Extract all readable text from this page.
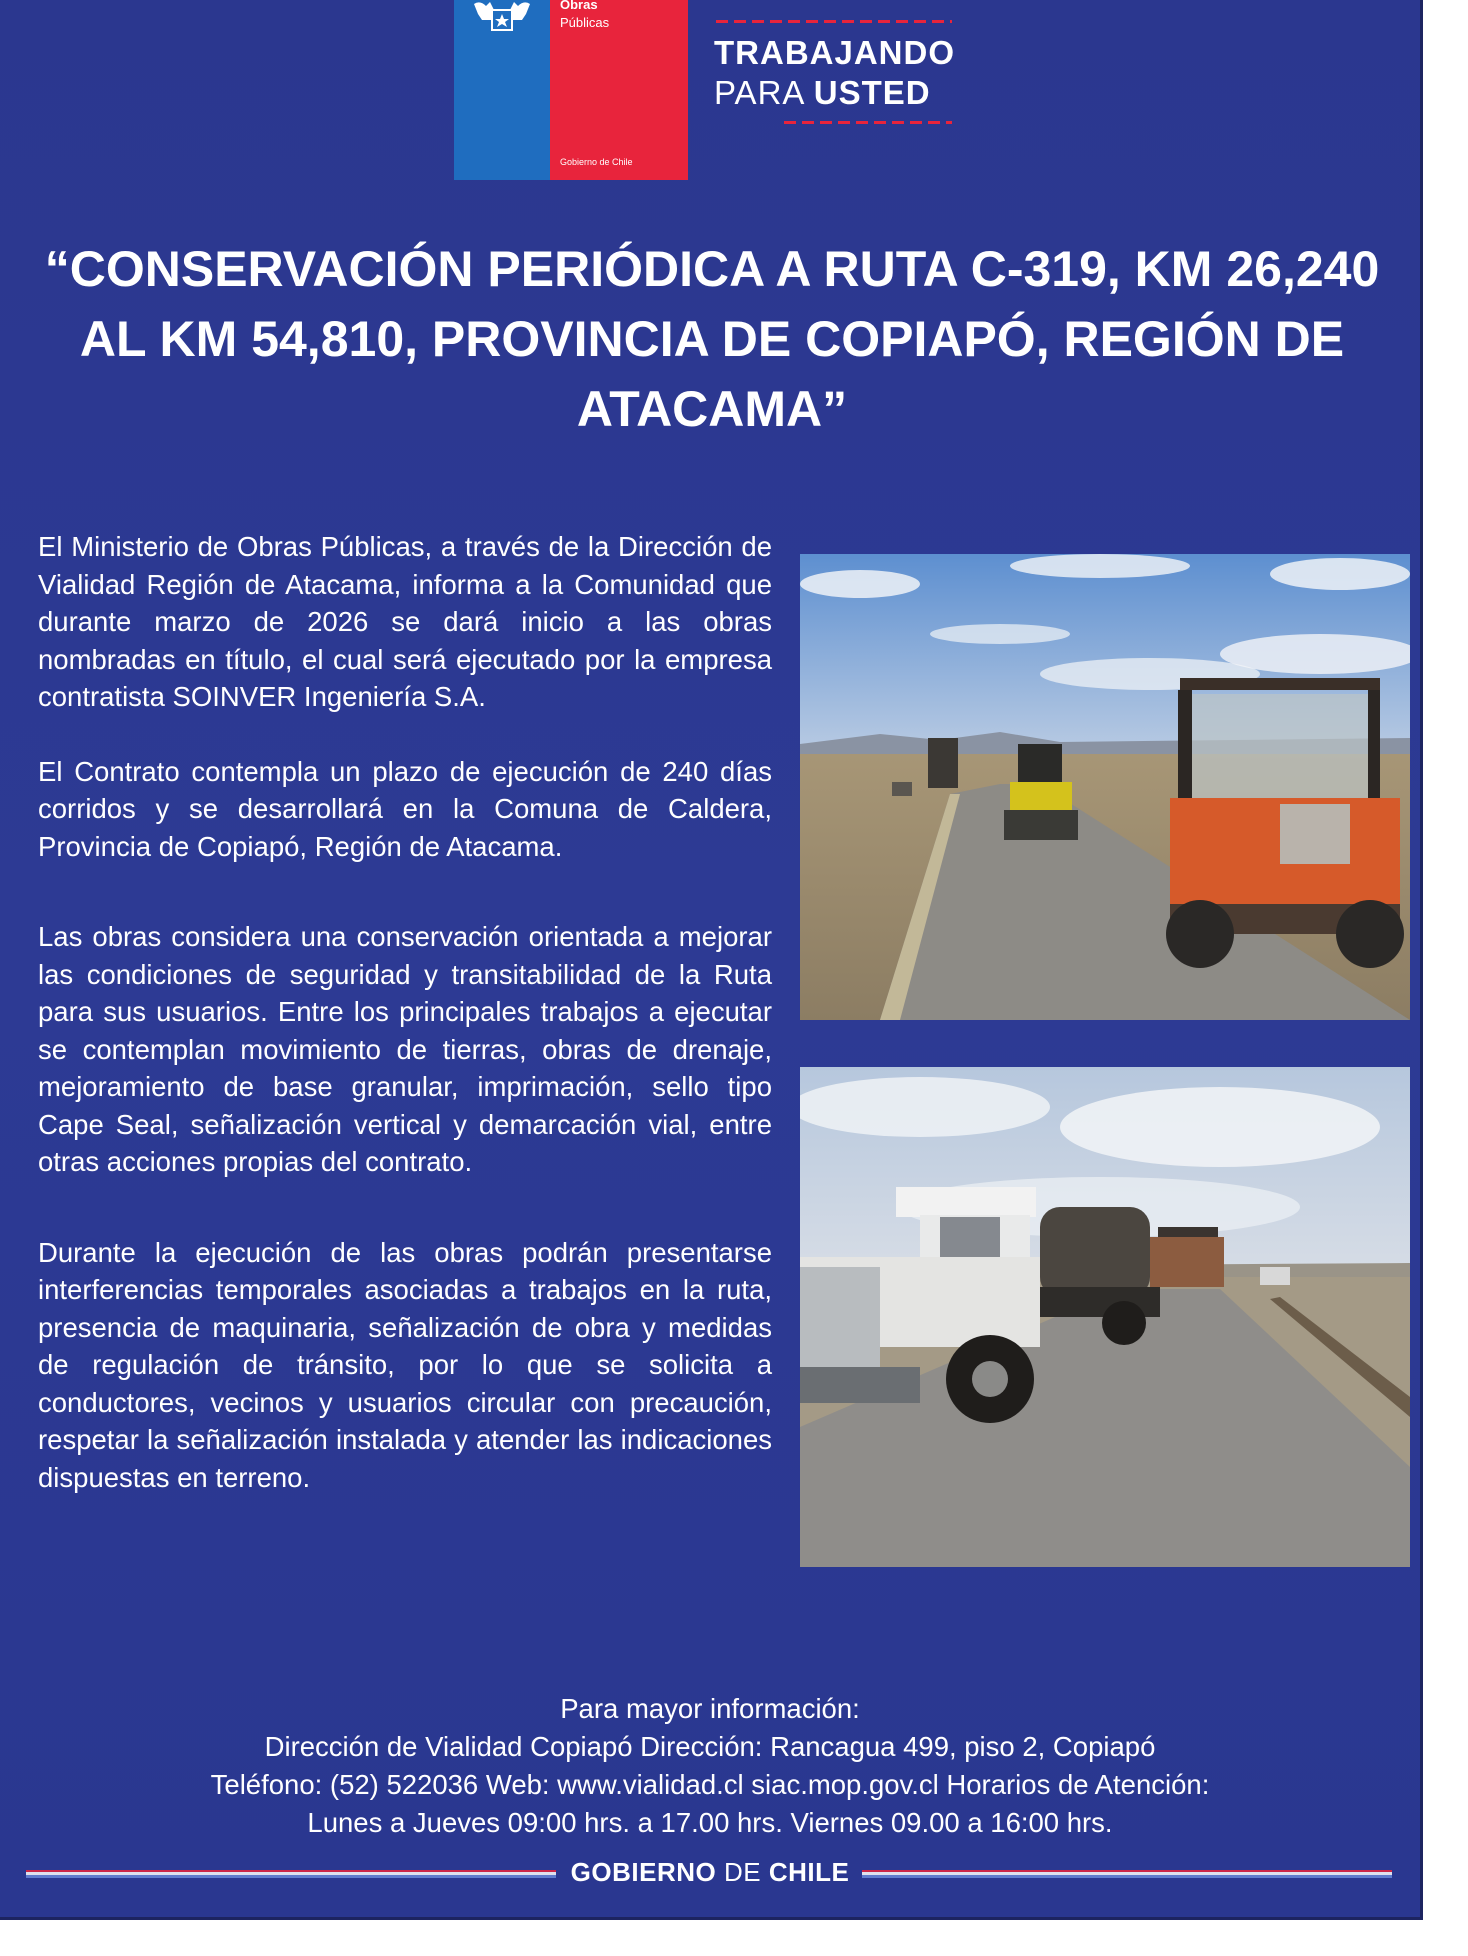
Obras
Públicas
Gobierno de Chile
TRABAJANDO
PARA USTED
“CONSERVACIÓN PERIÓDICA A RUTA C-319, KM 26,240 AL KM 54,810, PROVINCIA DE COPIAPÓ, REGIÓN DE ATACAMA”

El Ministerio de Obras Públicas, a través de la Dirección de Vialidad Región de Atacama, informa a la Comunidad que durante marzo de 2026 se dará inicio a las obras nombradas en título, el cual será ejecutado por la empresa contratista SOINVER Ingeniería S.A.

El Contrato contempla un plazo de ejecución de 240 días corridos y se desarrollará en la Comuna de Caldera, Provincia de Copiapó, Región de Atacama.

Las obras considera una conservación orientada a mejorar las condiciones de seguridad y transitabilidad de la Ruta para sus usuarios. Entre los principales trabajos a ejecutar se contemplan movimiento de tierras, obras de drenaje, mejoramiento de base granular, imprimación, sello tipo Cape Seal, señalización vertical y demarcación vial, entre otras acciones propias del contrato.

Durante la ejecución de las obras podrán presentarse interferencias temporales asociadas a trabajos en la ruta, presencia de maquinaria, señalización de obra y medidas de regulación de tránsito, por lo que se solicita a conductores, vecinos y usuarios circular con precaución, respetar la señalización instalada y atender las indicaciones dispuestas en terreno.

Para mayor información:
Dirección de Vialidad Copiapó Dirección: Rancagua 499, piso 2, Copiapó
Teléfono: (52) 522036 Web: www.vialidad.cl siac.mop.gov.cl Horarios de Atención:
Lunes a Jueves 09:00 hrs. a 17.00 hrs. Viernes 09.00 a 16:00 hrs.
GOBIERNO DE CHILE
